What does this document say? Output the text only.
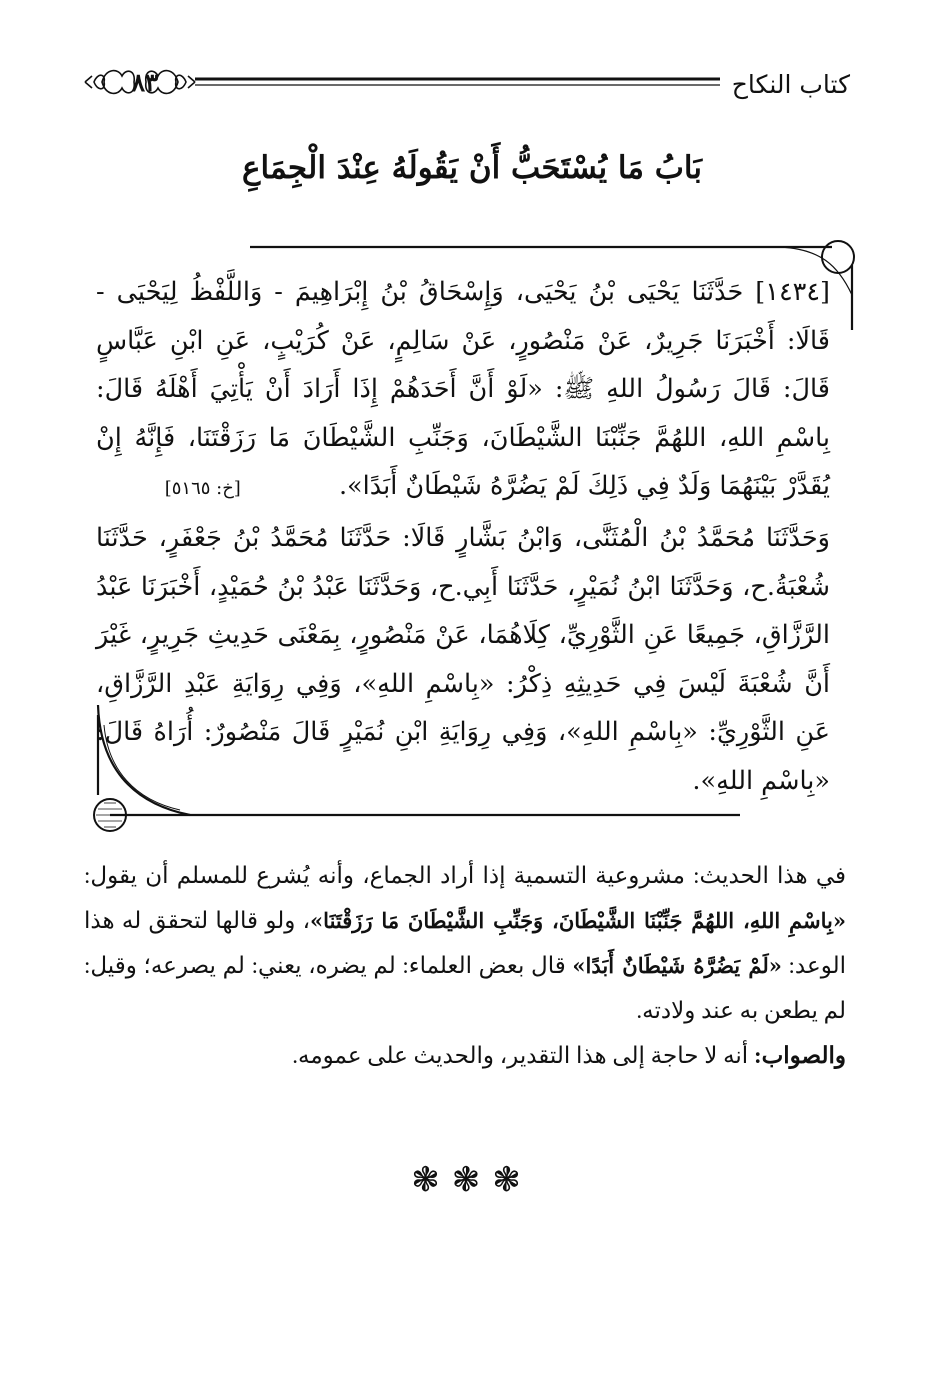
كتاب النكاح
٨٣
بَابُ مَا يُسْتَحَبُّ أَنْ يَقُولَهُ عِنْدَ الْجِمَاعِ

[١٤٣٤] حَدَّثَنَا يَحْيَى بْنُ يَحْيَى، وَإِسْحَاقُ بْنُ إِبْرَاهِيمَ - وَاللَّفْظُ لِيَحْيَى - قَالَا: أَخْبَرَنَا جَرِيرٌ، عَنْ مَنْصُورٍ، عَنْ سَالِمٍ، عَنْ كُرَيْبٍ، عَنِ ابْنِ عَبَّاسٍ قَالَ: قَالَ رَسُولُ اللهِ ﷺ: «لَوْ أَنَّ أَحَدَهُمْ إِذَا أَرَادَ أَنْ يَأْتِيَ أَهْلَهُ قَالَ: بِاسْمِ اللهِ، اللهُمَّ جَنِّبْنَا الشَّيْطَانَ، وَجَنِّبِ الشَّيْطَانَ مَا رَزَقْتَنَا، فَإِنَّهُ إِنْ يُقَدَّرْ بَيْنَهُمَا وَلَدٌ فِي ذَلِكَ لَمْ يَضُرَّهُ شَيْطَانٌ أَبَدًا». [خ: ٥١٦٥]

وَحَدَّثَنَا مُحَمَّدُ بْنُ الْمُثَنَّى، وَابْنُ بَشَّارٍ قَالَا: حَدَّثَنَا مُحَمَّدُ بْنُ جَعْفَرٍ، حَدَّثَنَا شُعْبَةُ.ح، وَحَدَّثَنَا ابْنُ نُمَيْرٍ، حَدَّثَنَا أَبِي.ح، وَحَدَّثَنَا عَبْدُ بْنُ حُمَيْدٍ، أَخْبَرَنَا عَبْدُ الرَّزَّاقِ، جَمِيعًا عَنِ الثَّوْرِيِّ، كِلَاهُمَا، عَنْ مَنْصُورٍ، بِمَعْنَى حَدِيثِ جَرِيرٍ، غَيْرَ أَنَّ شُعْبَةَ لَيْسَ فِي حَدِيثِهِ ذِكْرُ: «بِاسْمِ اللهِ»، وَفِي رِوَايَةِ عَبْدِ الرَّزَّاقِ، عَنِ الثَّوْرِيِّ: «بِاسْمِ اللهِ»، وَفِي رِوَايَةِ ابْنِ نُمَيْرٍ قَالَ مَنْصُورٌ: أُرَاهُ قَالَ: «بِاسْمِ اللهِ».

في هذا الحديث: مشروعية التسمية إذا أراد الجماع، وأنه يُشرع للمسلم أن يقول: «بِاسْمِ اللهِ، اللهُمَّ جَنِّبْنَا الشَّيْطَانَ، وَجَنِّبِ الشَّيْطَانَ مَا رَزَقْتَنَا»، ولو قالها لتحقق له هذا الوعد: «لَمْ يَضُرَّهُ شَيْطَانٌ أَبَدًا» قال بعض العلماء: لم يضره، يعني: لم يصرعه؛ وقيل: لم يطعن به عند ولادته.

والصواب: أنه لا حاجة إلى هذا التقدير، والحديث على عمومه.

❃❃❃
